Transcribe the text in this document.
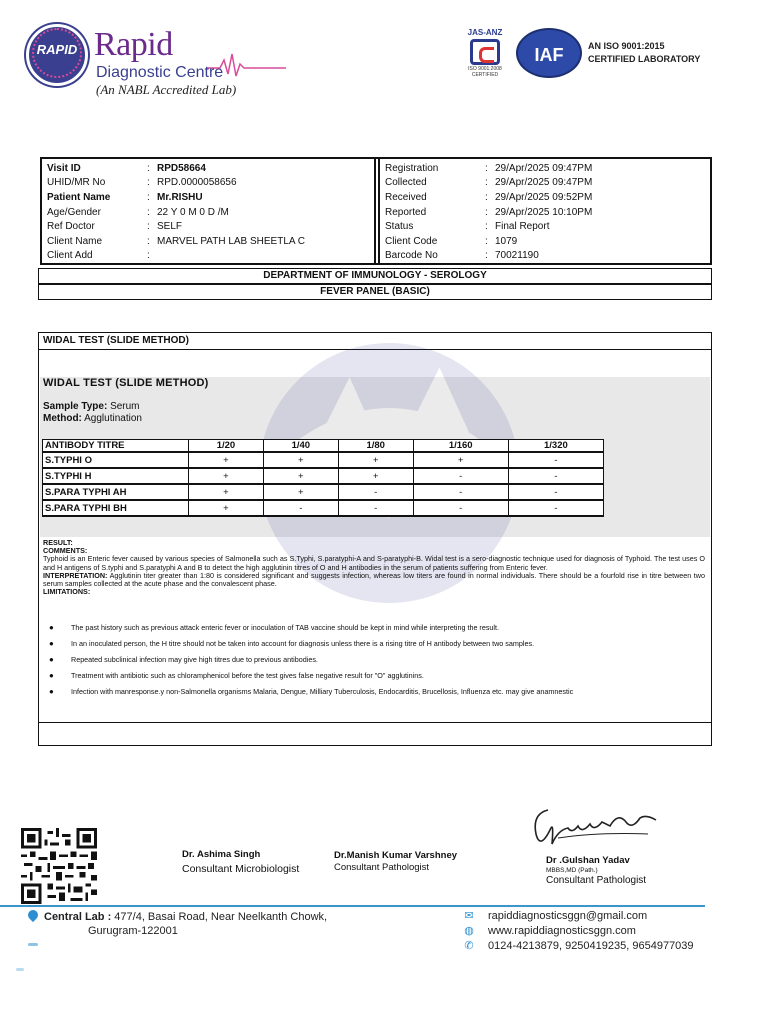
RAPID Rapid
Diagnostic Centre
(An NABL Accredited Lab)
JAS-ANZ
ISO 9001:2008 CERTIFIED
IAF	AN ISO 9001:2015
CERTIFIED LABORATORY
Visit ID	: RPD58664
UHID/MR No	: RPD.0000058656
Patient Name	: Mr.RISHU
Age/Gender	: 22 Y 0 M 0 D /M
Ref Doctor	: SELF
Client Name	: MARVEL PATH LAB SHEETLA C
Client Add	:
Registration	: 29/Apr/2025 09:47PM
Collected	: 29/Apr/2025 09:47PM
Received	: 29/Apr/2025 09:52PM
Reported	: 29/Apr/2025 10:10PM
Status	: Final Report
Client Code	: 1079
Barcode No	: 70021190
DEPARTMENT OF IMMUNOLOGY - SEROLOGY
FEVER PANEL (BASIC)
WIDAL TEST (SLIDE METHOD)
WIDAL TEST (SLIDE METHOD)
Sample Type: Serum
Method: Agglutination
ANTIBODY TITRE	1/20	1/40	1/80	1/160	1/320
S.TYPHI O	+	+	+	+	-
S.TYPHI H	+	+	+	-	-
S.PARA TYPHI AH	+	+	-	-	-
S.PARA TYPHI BH	+	-	-	-	-
RESULT:
COMMENTS:
Typhoid is an Enteric fever caused by various species of Salmonella such as S.Typhi, S.paratyphi-A and S-paratyphi-B. Widal test is a sero-diagnostic technique used for diagnosis of Typhoid. The test uses O and H antigens of S.typhi and S.paratyphi A and B to detect the high agglutinin titres of O and H antibodies in the serum of patients suffering from Enteric fever.
INTERPRETATION: Agglutinin titer greater than 1:80 is considered significant and suggests infection, whereas low titers are found in normal individuals. There should be a fourfold rise in titre between two serum samples collected at the acute phase and the convalescent phase.
LIMITATIONS:
●	The past history such as previous attack enteric fever or inoculation of TAB vaccine should be kept in mind while interpreting the result.
●	In an inoculated person, the H titre should not be taken into account for diagnosis unless there is a rising titre of H antibody between two samples.
●	Repeated subclinical infection may give high titres due to previous antibodies.
●	Treatment with antibiotic such as chloramphenicol before the test gives false negative result for "O" agglutinins.
●	Infection with manresponse.y non-Salmonella organisms Malaria, Dengue, Milliary Tuberculosis, Endocarditis, Brucellosis, Influenza etc. may give anamnestic
Dr. Ashima Singh
Consultant Microbiologist
Dr.Manish Kumar Varshney
Consultant Pathologist
Dr .Gulshan Yadav
MBBS,MD (Path.)
Consultant Pathologist
Central Lab : 477/4, Basai Road, Near Neelkanth Chowk,
Gurugram-122001
✉ rapiddiagnosticsggn@gmail.com
◍ www.rapiddiagnosticsggn.com
✆ 0124-4213879, 9250419235, 9654977039
